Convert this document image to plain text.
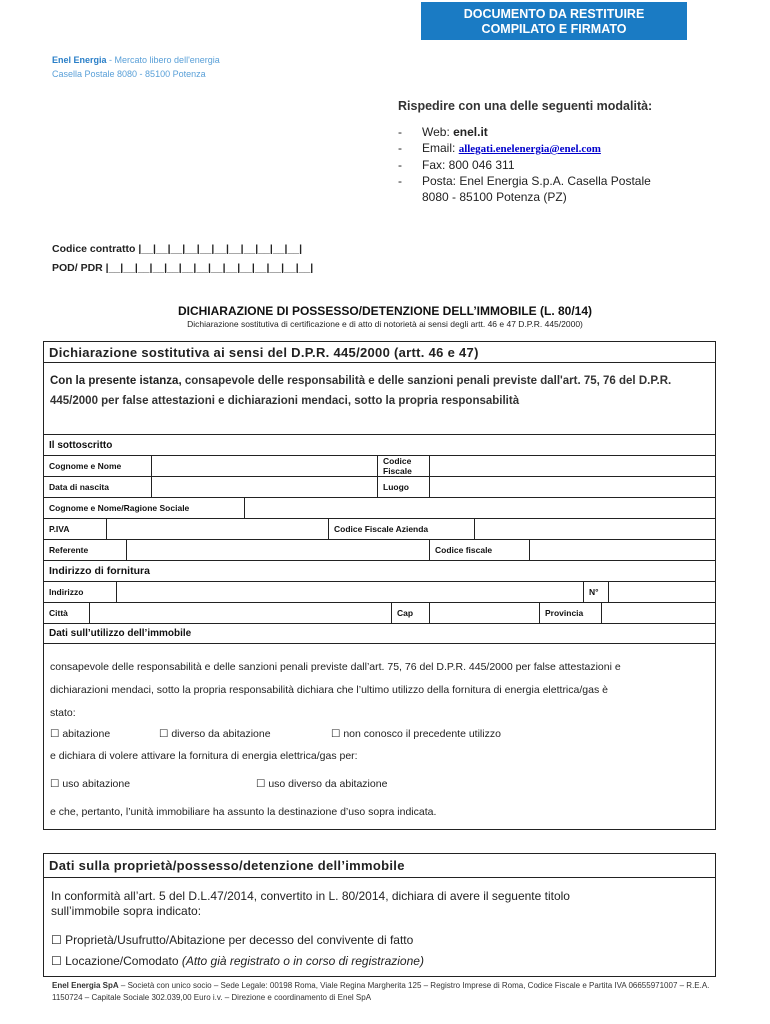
DOCUMENTO DA RESTITUIRE
COMPILATO E FIRMATO
Enel Energia - Mercato libero dell'energia
Casella Postale 8080 - 85100 Potenza
Rispedire con una delle seguenti modalità:
- Web: enel.it
- Email: allegati.enelenergia@enel.com
- Fax: 800 046 311
- Posta: Enel Energia S.p.A. Casella Postale
8080 - 85100 Potenza (PZ)
Codice contratto |__|__|__|__|__|__|__|__|__|__|__|
POD/ PDR |__|__|__|__|__|__|__|__|__|__|__|__|__|__|
DICHIARAZIONE DI POSSESSO/DETENZIONE DELL’IMMOBILE (L. 80/14)
Dichiarazione sostitutiva di certificazione e di atto di notorietà ai sensi degli artt. 46 e 47 D.P.R. 445/2000)
Dichiarazione sostitutiva ai sensi del D.P.R. 445/2000 (artt. 46 e 47)
Con la presente istanza, consapevole delle responsabilità e delle sanzioni penali previste dall'art. 75, 76 del D.P.R. 445/2000 per false attestazioni e dichiarazioni mendaci, sotto la propria responsabilità
Il sottoscritto
Cognome e Nome	Codice Fiscale
Data di nascita	Luogo
Cognome e Nome/Ragione Sociale
P.IVA	Codice Fiscale Azienda
Referente	Codice fiscale
Indirizzo di fornitura
Indirizzo	N°
Città	Cap	Provincia
Dati sull’utilizzo dell’immobile
consapevole delle responsabilità e delle sanzioni penali previste dall’art. 75, 76 del D.P.R. 445/2000 per false attestazioni e
dichiarazioni mendaci, sotto la propria responsabilità dichiara che l’ultimo utilizzo della fornitura di energia elettrica/gas è
stato:
☐ abitazione	☐ diverso da abitazione	☐ non conosco il precedente utilizzo
e dichiara di volere attivare la fornitura di energia elettrica/gas per:
☐ uso abitazione	☐ uso diverso da abitazione
e che, pertanto, l’unità immobiliare ha assunto la destinazione d’uso sopra indicata.
Dati sulla proprietà/possesso/detenzione dell’immobile
In conformità all’art. 5 del D.L.47/2014, convertito in L. 80/2014, dichiara di avere il seguente titolo
sull’immobile sopra indicato:
☐ Proprietà/Usufrutto/Abitazione per decesso del convivente di fatto
☐ Locazione/Comodato (Atto già registrato o in corso di registrazione)
Enel Energia SpA – Società con unico socio – Sede Legale: 00198 Roma, Viale Regina Margherita 125 – Registro Imprese di Roma, Codice Fiscale e Partita IVA 06655971007 – R.E.A. 1150724 – Capitale Sociale 302.039,00 Euro i.v. – Direzione e coordinamento di Enel SpA
